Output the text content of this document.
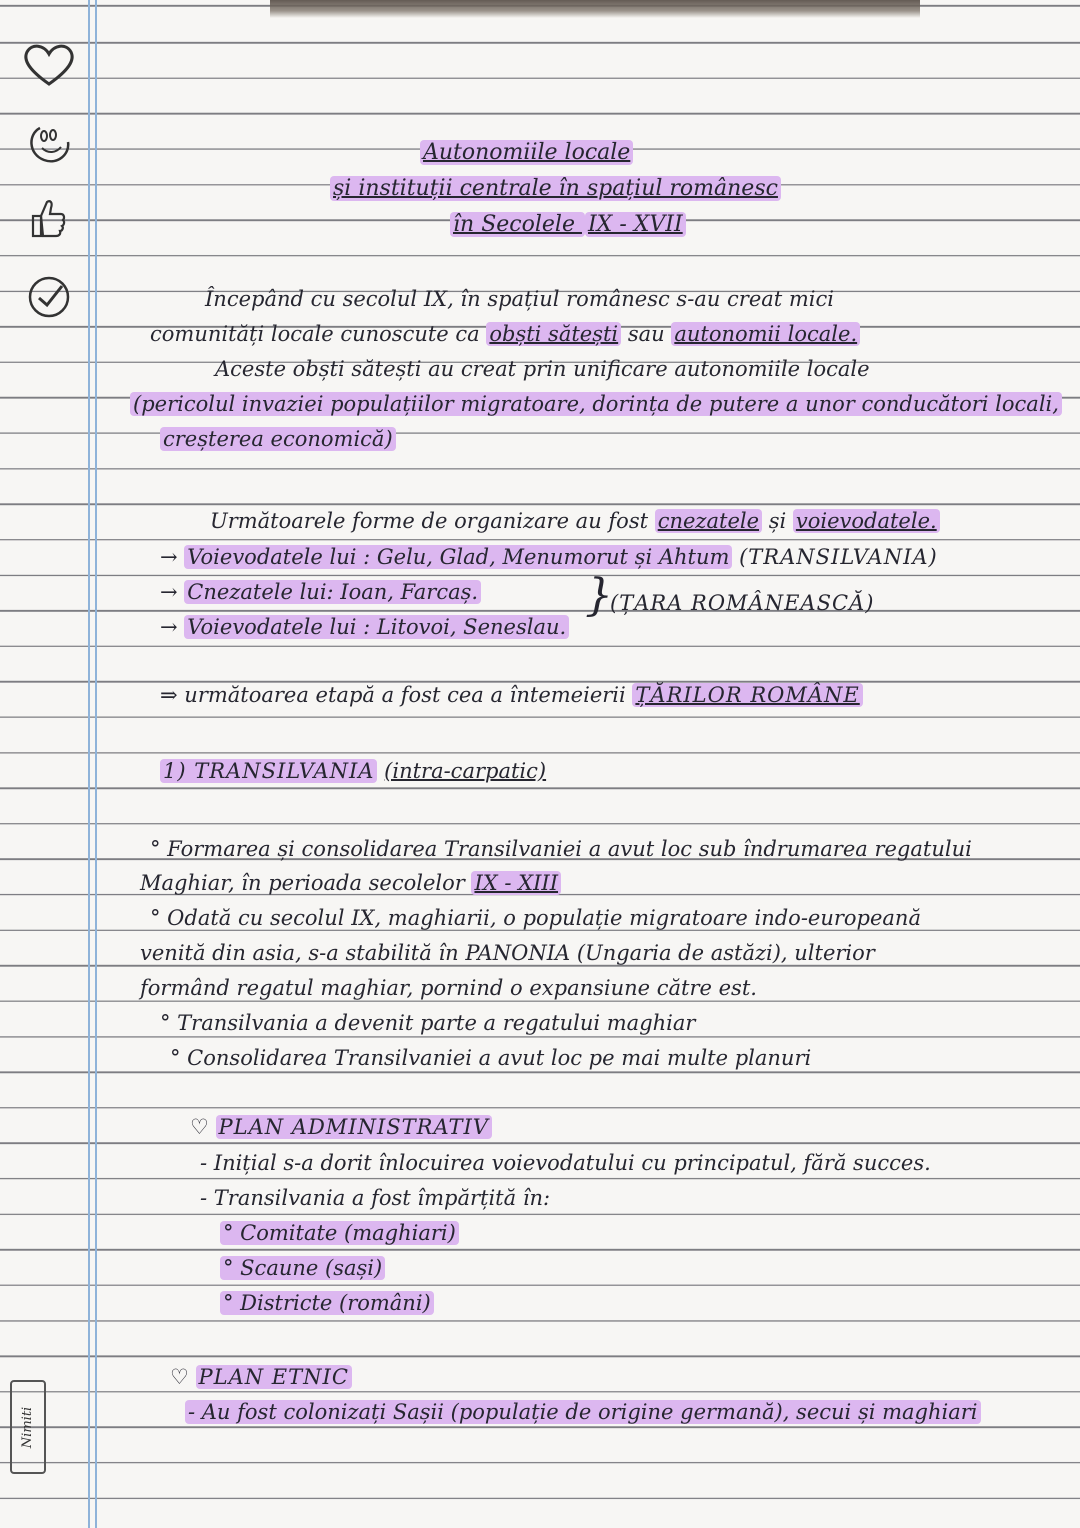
Nimiti
Autonomiile locale
și instituții centrale în spațiul românesc
în Secolele IX - XVII
Începând cu secolul IX, în spațiul românesc s-au creat mici
comunități locale cunoscute ca obști sătești sau autonomii locale.
Aceste obști sătești au creat prin unificare autonomiile locale
(pericolul invaziei populațiilor migratoare, dorința de putere a unor conducători locali,
creșterea economică)
Următoarele forme de organizare au fost cnezatele și voievodatele.
→ Voievodatele lui : Gelu, Glad, Menumorut și Ahtum (TRANSILVANIA)
→ Cnezatele lui: Ioan, Farcaș.
→ Voievodatele lui : Litovoi, Seneslau.
}
(ȚARA ROMÂNEASCĂ)
⇒ următoarea etapă a fost cea a întemeierii ȚĂRILOR ROMÂNE
1) TRANSILVANIA (intra-carpatic)
° Formarea și consolidarea Transilvaniei a avut loc sub îndrumarea regatului
Maghiar, în perioada secolelor IX - XIII
° Odată cu secolul IX, maghiarii, o populație migratoare indo-europeană
venită din asia, s-a stabilită în PANONIA (Ungaria de astăzi), ulterior
formând regatul maghiar, pornind o expansiune către est.
° Transilvania a devenit parte a regatului maghiar
° Consolidarea Transilvaniei a avut loc pe mai multe planuri
♡ PLAN ADMINISTRATIV
- Inițial s-a dorit înlocuirea voievodatului cu principatul, fără succes.
- Transilvania a fost împărțită în:
° Comitate (maghiari)
° Scaune (sași)
° Districte (români)
♡ PLAN ETNIC
- Au fost colonizați Sașii (populație de origine germană), secui și maghiari
